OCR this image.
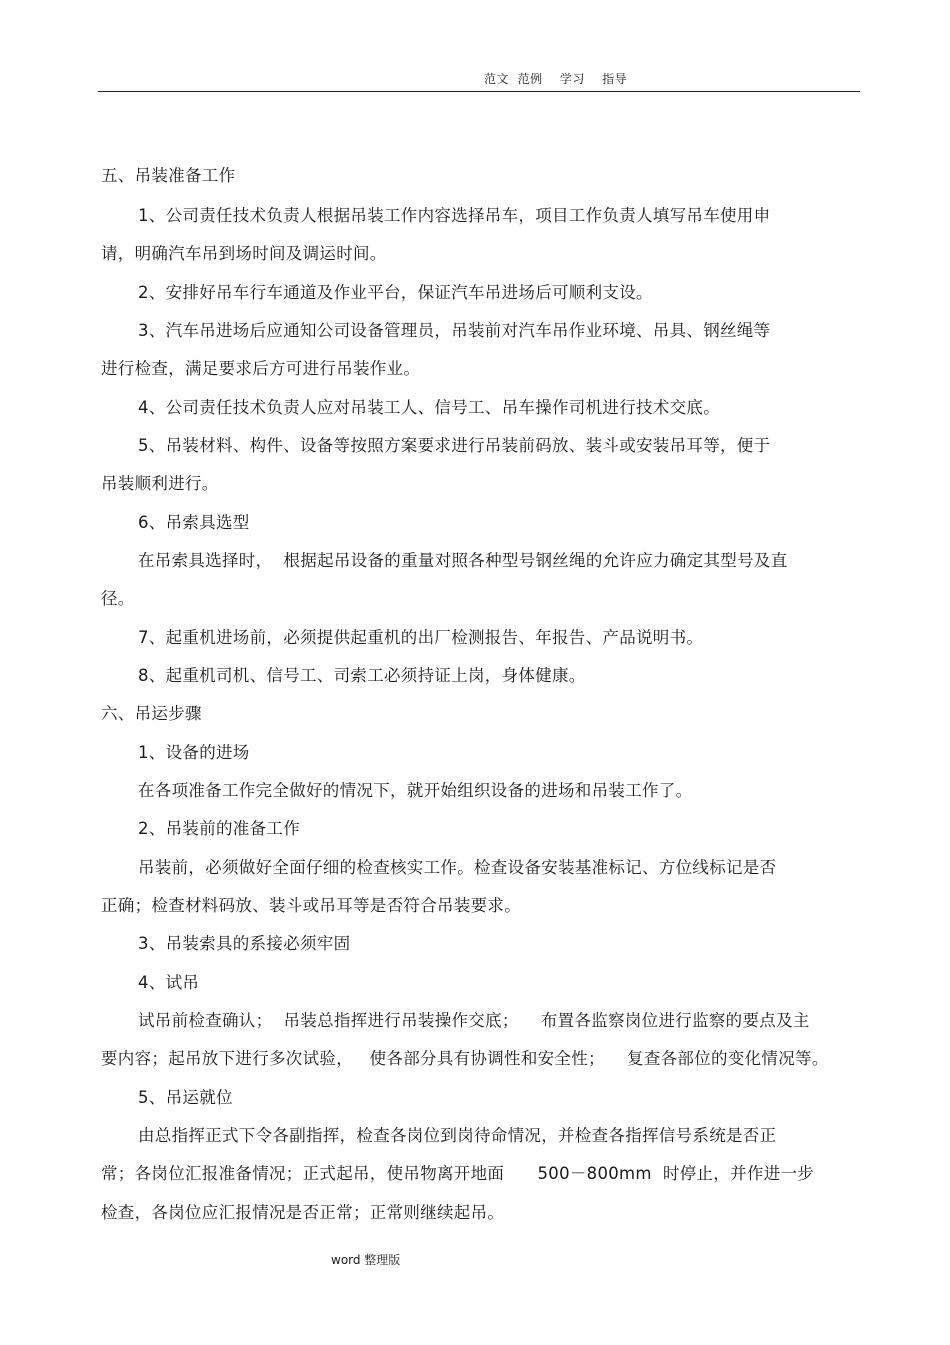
范文  范例    学习    指导
五、吊装准备工作
1、公司责任技术负责人根据吊装工作内容选择吊车，项目工作负责人填写吊车使用申
请，明确汽车吊到场时间及调运时间。
2、安排好吊车行车通道及作业平台，保证汽车吊进场后可顺利支设。
3、汽车吊进场后应通知公司设备管理员，吊装前对汽车吊作业环境、吊具、钢丝绳等
进行检查，满足要求后方可进行吊装作业。
4、公司责任技术负责人应对吊装工人、信号工、吊车操作司机进行技术交底。
5、吊装材料、构件、设备等按照方案要求进行吊装前码放、装斗或安装吊耳等，便于
吊装顺利进行。
6、吊索具选型
在吊索具选择时，  根据起吊设备的重量对照各种型号钢丝绳的允许应力确定其型号及直
径。
7、起重机进场前，必须提供起重机的出厂检测报告、年报告、产品说明书。
8、起重机司机、信号工、司索工必须持证上岗，身体健康。
六、吊运步骤
1、设备的进场
在各项准备工作完全做好的情况下，就开始组织设备的进场和吊装工作了。
2、吊装前的准备工作
吊装前，必须做好全面仔细的检查核实工作。检查设备安装基准标记、方位线标记是否
正确；检查材料码放、装斗或吊耳等是否符合吊装要求。
3、吊装索具的系接必须牢固
4、试吊
试吊前检查确认；  吊装总指挥进行吊装操作交底；    布置各监察岗位进行监察的要点及主
要内容；起吊放下进行多次试验，   使各部分具有协调性和安全性；    复查各部位的变化情况等。
5、吊运就位
由总指挥正式下令各副指挥，检查各岗位到岗待命情况，并检查各指挥信号系统是否正
常；各岗位汇报准备情况；正式起吊，使吊物离开地面      500－800mm  时停止，并作进一步
检查，各岗位应汇报情况是否正常；正常则继续起吊。
word 整理版
